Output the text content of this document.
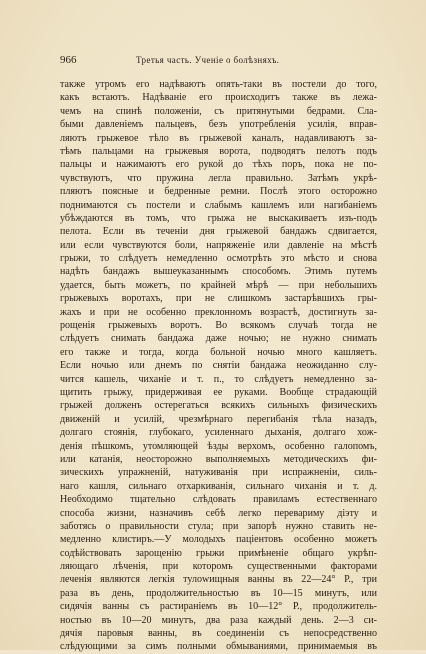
966	Третья часть. Ученiе о болѣзняхъ.
также утромъ его надѣваютъ опять-таки въ постели до того,
какъ встаютъ. Надѣванiе его происходитъ также въ лежа-
чемъ на спинѣ положенiи, съ притянутыми бедрами. Сла-
быми давленiемъ пальцевъ, безъ употребленiя усилiя, вправ-
ляютъ грыжевое тѣло въ грыжевой каналъ, надавливаютъ за-
тѣмъ пальцами на грыжевыя ворота, подводятъ пелотъ подъ
пальцы и нажимаютъ его рукой до тѣхъ поръ, пока не по-
чувствуютъ, что пружина легла правильно. Затѣмъ укрѣ-
пляютъ поясные и бедренные ремни. Послѣ этого осторожно
поднимаются съ постели и слабымъ кашлемъ или нагибанiемъ
убѣждаются въ томъ, что грыжа не выскакиваетъ изъ-подъ
пелота. Если въ теченiи дня грыжевой бандажъ сдвигается,
или если чувствуются боли, напряженiе или давленiе на мѣстѣ
грыжи, то слѣдуетъ немедленно осмотрѣть это мѣсто и снова
надѣть бандажъ вышеуказаннымъ способомъ. Этимъ путемъ
удается, быть можетъ, по крайней мѣрѣ — при небольшихъ
грыжевыхъ воротахъ, при не слишкомъ застарѣвшихъ гры-
жахъ и при не особенно преклонномъ возрастѣ, достигнуть за-
рощенiя грыжевыхъ воротъ. Во всякомъ случаѣ тогда не
слѣдуетъ снимать бандажа даже ночью; не нужно снимать
его также и тогда, когда больной ночью много кашляетъ.
Если ночью или днемъ по снятiи бандажа неожиданно слу-
чится кашель, чиханiе и т. п., то слѣдуетъ немедленно за-
щитить грыжу, придерживая ее руками. Вообще страдающiй
грыжей долженъ остерегаться всякихъ сильныхъ физическихъ
движенiй и усилiй, чрезмѣрнаго перегибанiя тѣла назадъ,
долгаго стоянiя, глубокаго, усиленнаго дыханiя, долгаго хож-
денiя пѣшкомъ, утомляющей ѣзды верхомъ, особенно галопомъ,
или катанiя, неосторожно выполняемыхъ методическихъ фи-
зическихъ упражненiй, натуживанiя при испражненiи, силь-
наго кашля, сильнаго отхаркиванiя, сильнаго чиханiя и т. д.
Необходимо тщательно слѣдовать правиламъ естественнаго
способа жизни, назначивъ себѣ легко перевариму діэту и
заботясь о правильности стула; при запорѣ нужно ставить не-
медленно клистиръ.—У молодыхъ пацiентовъ особенно можетъ
содѣйствовать зарощенiю грыжи примѣненiе общаго укрѣп-
ляющаго лѣченiя, при которомъ существенными факторами
леченiя являются легкiя тулowищныя ванны въ 22—24° Р., три
раза въ день, продолжительностью въ 10—15 минутъ, или
сидячiя ванны съ растиранiемъ въ 10—12° Р., продолжитель-
ностью въ 10—20 минутъ, два раза каждый день. 2—3 си-
дячiя паровыя ванны, въ соединенiи съ непосредственно
слѣдующими за симъ полными обмываниями, принимаемыя въ
